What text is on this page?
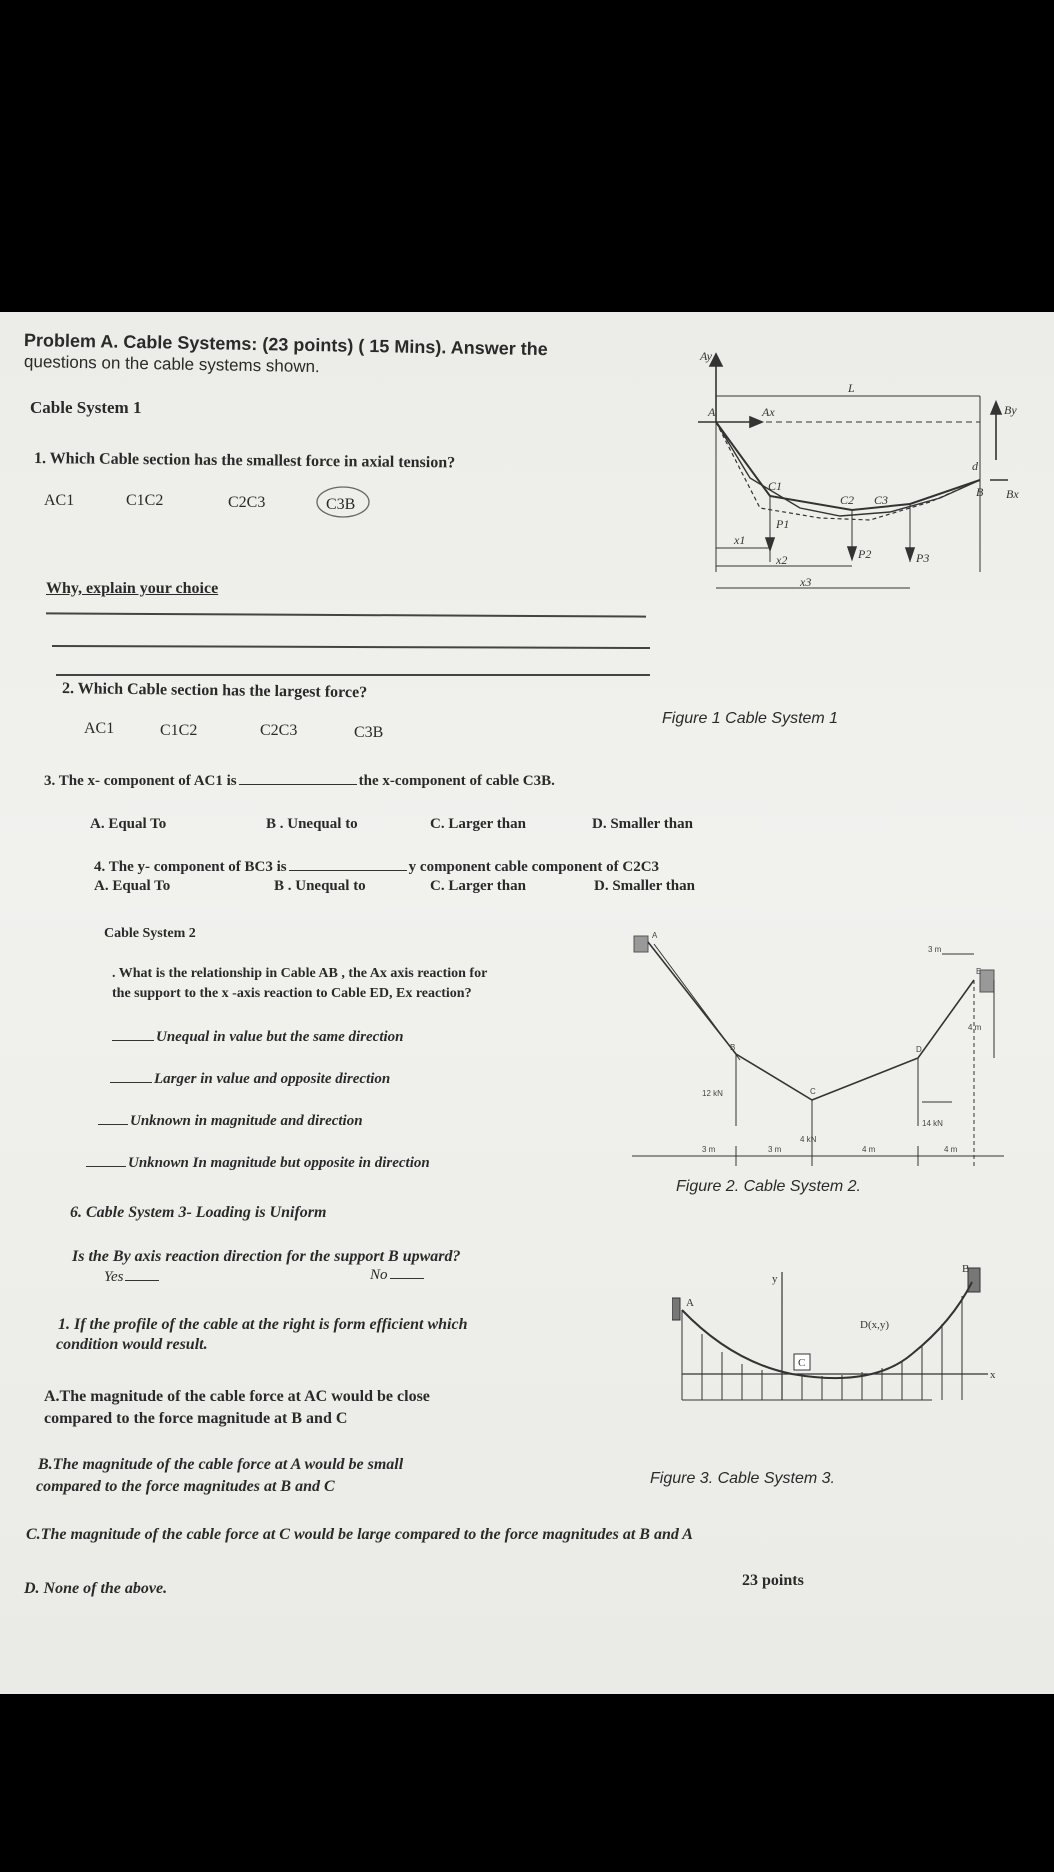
Problem A. Cable Systems: (23 points) ( 15 Mins). Answer the
questions on the cable systems shown.
Cable System 1
1. Which Cable section has the smallest force in axial tension?
AC1	C1C2	C2C3	C3B
Why, explain your choice
2. Which Cable section has the largest force?
AC1	C1C2	C2C3	C3B
3. The x- component of AC1 is	the x-component of cable C3B.
A. Equal To	B . Unequal to	C. Larger than	D. Smaller than
4. The y- component of BC3 is	y component cable component of C2C3
A. Equal To	B . Unequal to	C. Larger than	D. Smaller than
Ay
A	Ax
L
By
d
B Bx
C1
C2 C3
P1
P2	P3
x1
x2
x3
Figure 1 Cable System 1
Cable System 2
. What is the relationship in Cable AB , the Ax axis reaction for
the support to the x -axis reaction to Cable ED, Ex reaction?
Unequal in value but the same direction
Larger in value and opposite direction
Unknown in magnitude and direction
Unknown In magnitude but opposite in direction
A
B
C
D
E
12 kN
4 kN
14 kN
3 m	3 m	4 m	4 m
3 m
4 m
Figure 2. Cable System 2.
6. Cable System 3- Loading is Uniform
Is the By axis reaction direction for the support B upward?
Yes	No
1. If the profile of the cable at the right is form efficient which
condition would result.
A.The magnitude of the cable force at AC would be close
compared to the force magnitude at B and C
B.The magnitude of the cable force at A would be small
compared to the force magnitudes at B and C
C.The magnitude of the cable force at C would be large compared to the force magnitudes at B and A
D. None of the above.	23 points
A
B
C
y
x
D(x,y)
Figure 3. Cable System 3.
